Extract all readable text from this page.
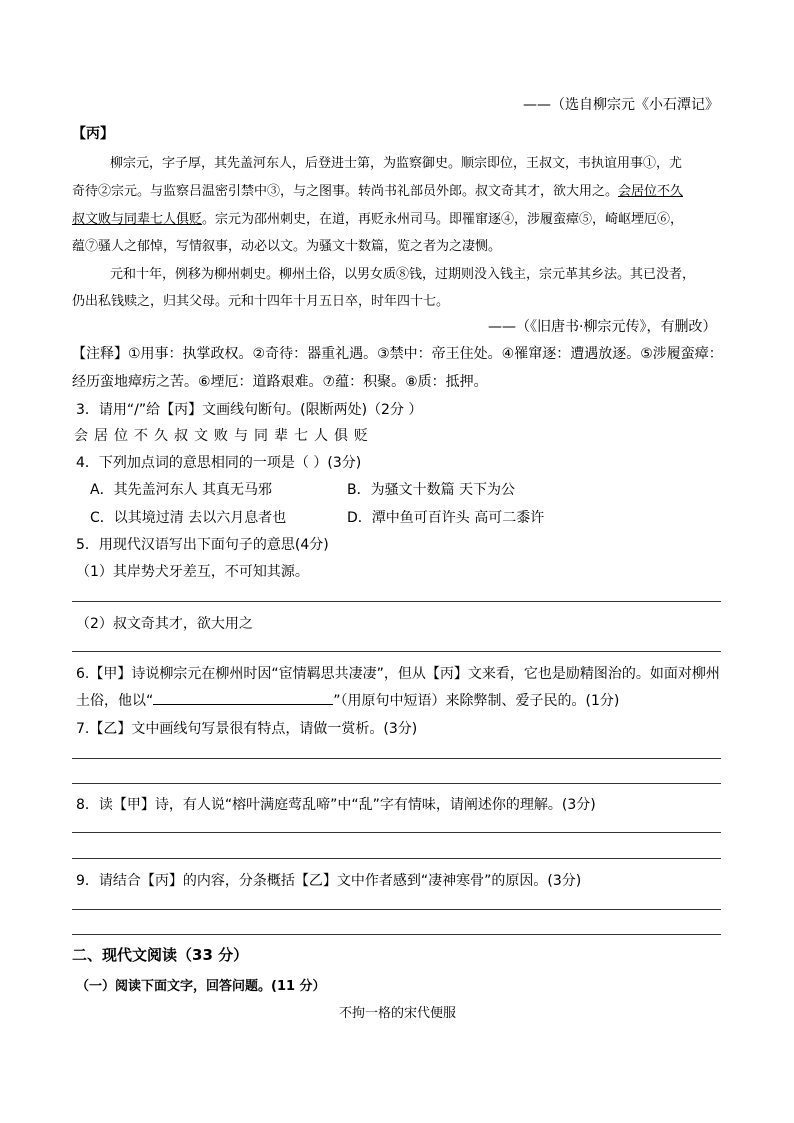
——（选自柳宗元《小石潭记》
【丙】
柳宗元，字子厚，其先盖河东人，后登进士第，为监察御史。顺宗即位，王叔文，韦执谊用事①，尤
奇待②宗元。与监察吕温密引禁中③，与之图事。转尚书礼部员外郎。叔文奇其才，欲大用之。会居位不久
叔文败与同辈七人俱贬。宗元为邵州刺史，在道，再贬永州司马。即罹窜逐④，涉履蛮瘴⑤，崎岖堙厄⑥，
蕴⑦骚人之郁悼，写情叙事，动必以文。为骚文十数篇，览之者为之凄恻。
元和十年，例移为柳州刺史。柳州土俗，以男女质⑧钱，过期则没入钱主，宗元革其乡法。其已没者，
仍出私钱赎之，归其父母。元和十四年十月五日卒，时年四十七。
——（《旧唐书·柳宗元传》，有删改）
【注释】①用事：执掌政权。②奇待：器重礼遇。③禁中：帝王住处。④罹窜逐：遭遇放逐。⑤涉履蛮瘴：
经历蛮地瘴疠之苦。⑥堙厄：道路艰难。⑦蕴：积聚。⑧质：抵押。
3．请用“/”给【丙】文画线句断句。(限断两处)（2分 ）
会居位不久叔文败与同辈七人俱贬
4．下列加点词的意思相同的一项是（ ）(3分)
A．其先盖河东人 其真无马邪	B．为骚文十数篇 天下为公
C．以其境过清 去以六月息者也	D．潭中鱼可百许头 高可二黍许
5．用现代汉语写出下面句子的意思(4分)
（1）其岸势犬牙差互，不可知其源。
（2）叔文奇其才，欲大用之
6.【甲】诗说柳宗元在柳州时因“宦情羁思共凄凄”，但从【丙】文来看，它也是励精图治的。如面对柳州
土俗，他以“	”（用原句中短语）来除弊制、爱子民的。(1分)
7.【乙】文中画线句写景很有特点，请做一赏析。(3分)
8．读【甲】诗，有人说“榕叶满庭莺乱啼”中“乱”字有情味，请阐述你的理解。(3分)
9．请结合【丙】的内容，分条概括【乙】文中作者感到“凄神寒骨”的原因。(3分)
二、现代文阅读（33 分）
（一）阅读下面文字，回答问题。(11 分）
不拘一格的宋代便服
